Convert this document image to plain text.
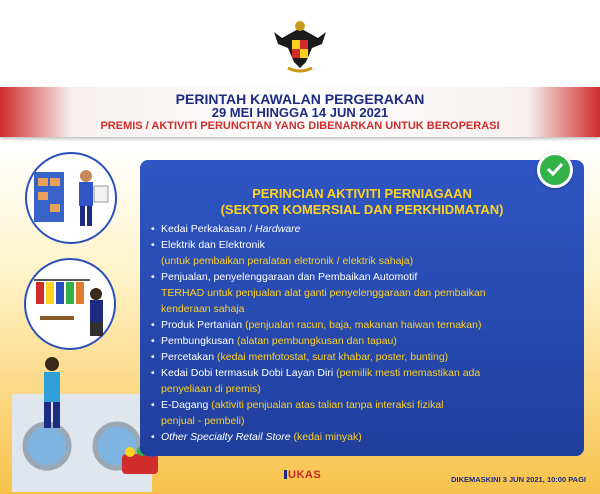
PERINTAH KAWALAN PERGERAKAN
29 MEI HINGGA 14 JUN 2021
PREMIS / AKTIVITI PERUNCITAN YANG DIBENARKAN UNTUK BEROPERASI
PERINCIAN AKTIVITI PERNIAGAAN
(SEKTOR KOMERSIAL DAN PERKHIDMATAN)
• Kedai Perkakasan / Hardware
• Elektrik dan Elektronik
(untuk pembaikan peralatan eletronik / elektrik sahaja)
• Penjualan, penyelenggaraan dan Pembaikan Automotif
TERHAD untuk penjualan alat ganti penyelenggaraan dan pembaikan
kenderaan sahaja
• Produk Pertanian (penjualan racun, baja, makanan haiwan ternakan)
• Pembungkusan (alatan pembungkusan dan tapau)
• Percetakan (kedai memfotostat, surat khabar, poster, bunting)
• Kedai Dobi termasuk Dobi Layan Diri (pemilik mesti memastikan ada
penyeliaan di premis)
• E-Dagang (aktiviti penjualan atas talian tanpa interaksi fizikal
penjual - pembeli)
• Other Specialty Retail Store (kedai minyak)
UKAS	DIKEMASKINI 3 JUN 2021, 10:00 PAGI
